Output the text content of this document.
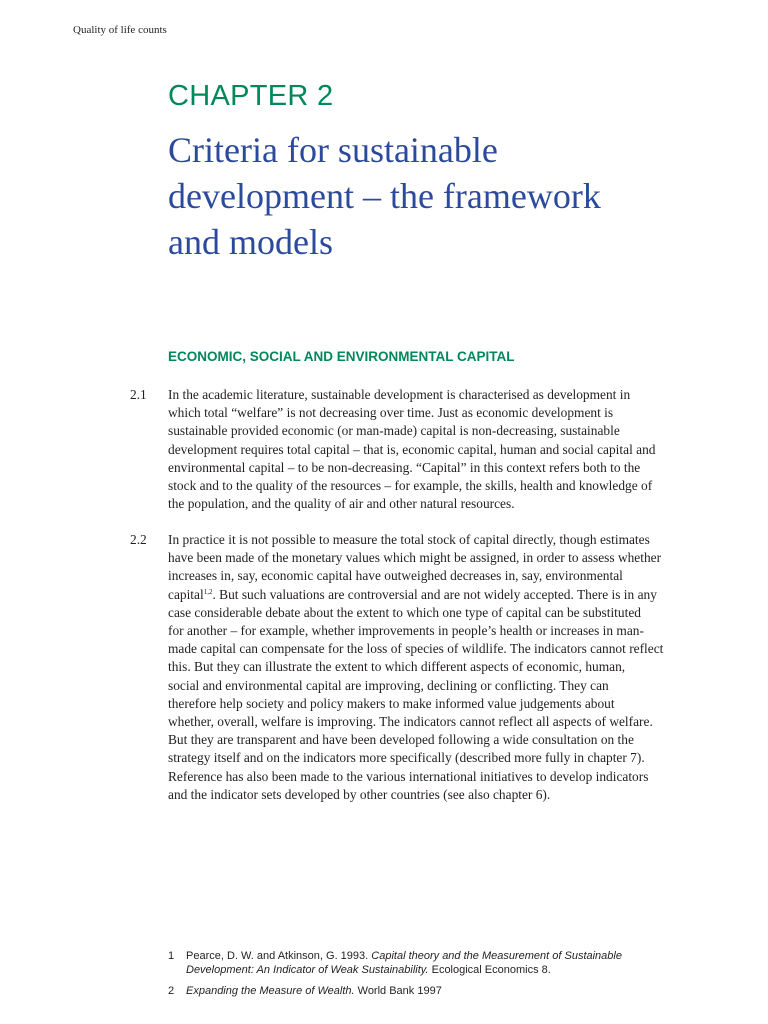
Quality of life counts
CHAPTER 2
Criteria for sustainable
development – the framework
and models
ECONOMIC, SOCIAL AND ENVIRONMENTAL CAPITAL
2.1 In the academic literature, sustainable development is characterised as development in
which total “welfare” is not decreasing over time. Just as economic development is
sustainable provided economic (or man-made) capital is non-decreasing, sustainable
development requires total capital – that is, economic capital, human and social capital and
environmental capital – to be non-decreasing. “Capital” in this context refers both to the
stock and to the quality of the resources – for example, the skills, health and knowledge of
the population, and the quality of air and other natural resources.
2.2 In practice it is not possible to measure the total stock of capital directly, though estimates
have been made of the monetary values which might be assigned, in order to assess whether
increases in, say, economic capital have outweighed decreases in, say, environmental
capital$^{1,2}$. But such valuations are controversial and are not widely accepted. There is in any
case considerable debate about the extent to which one type of capital can be substituted
for another – for example, whether improvements in people’s health or increases in man-
made capital can compensate for the loss of species of wildlife. The indicators cannot reflect
this. But they can illustrate the extent to which different aspects of economic, human,
social and environmental capital are improving, declining or conflicting. They can
therefore help society and policy makers to make informed value judgements about
whether, overall, welfare is improving. The indicators cannot reflect all aspects of welfare.
But they are transparent and have been developed following a wide consultation on the
strategy itself and on the indicators more specifically (described more fully in chapter 7).
Reference has also been made to the various international initiatives to develop indicators
and the indicator sets developed by other countries (see also chapter 6).
1 Pearce, D. W. and Atkinson, G. 1993. Capital theory and the Measurement of Sustainable
Development: An Indicator of Weak Sustainability. Ecological Economics 8.
2 Expanding the Measure of Wealth. World Bank 1997
